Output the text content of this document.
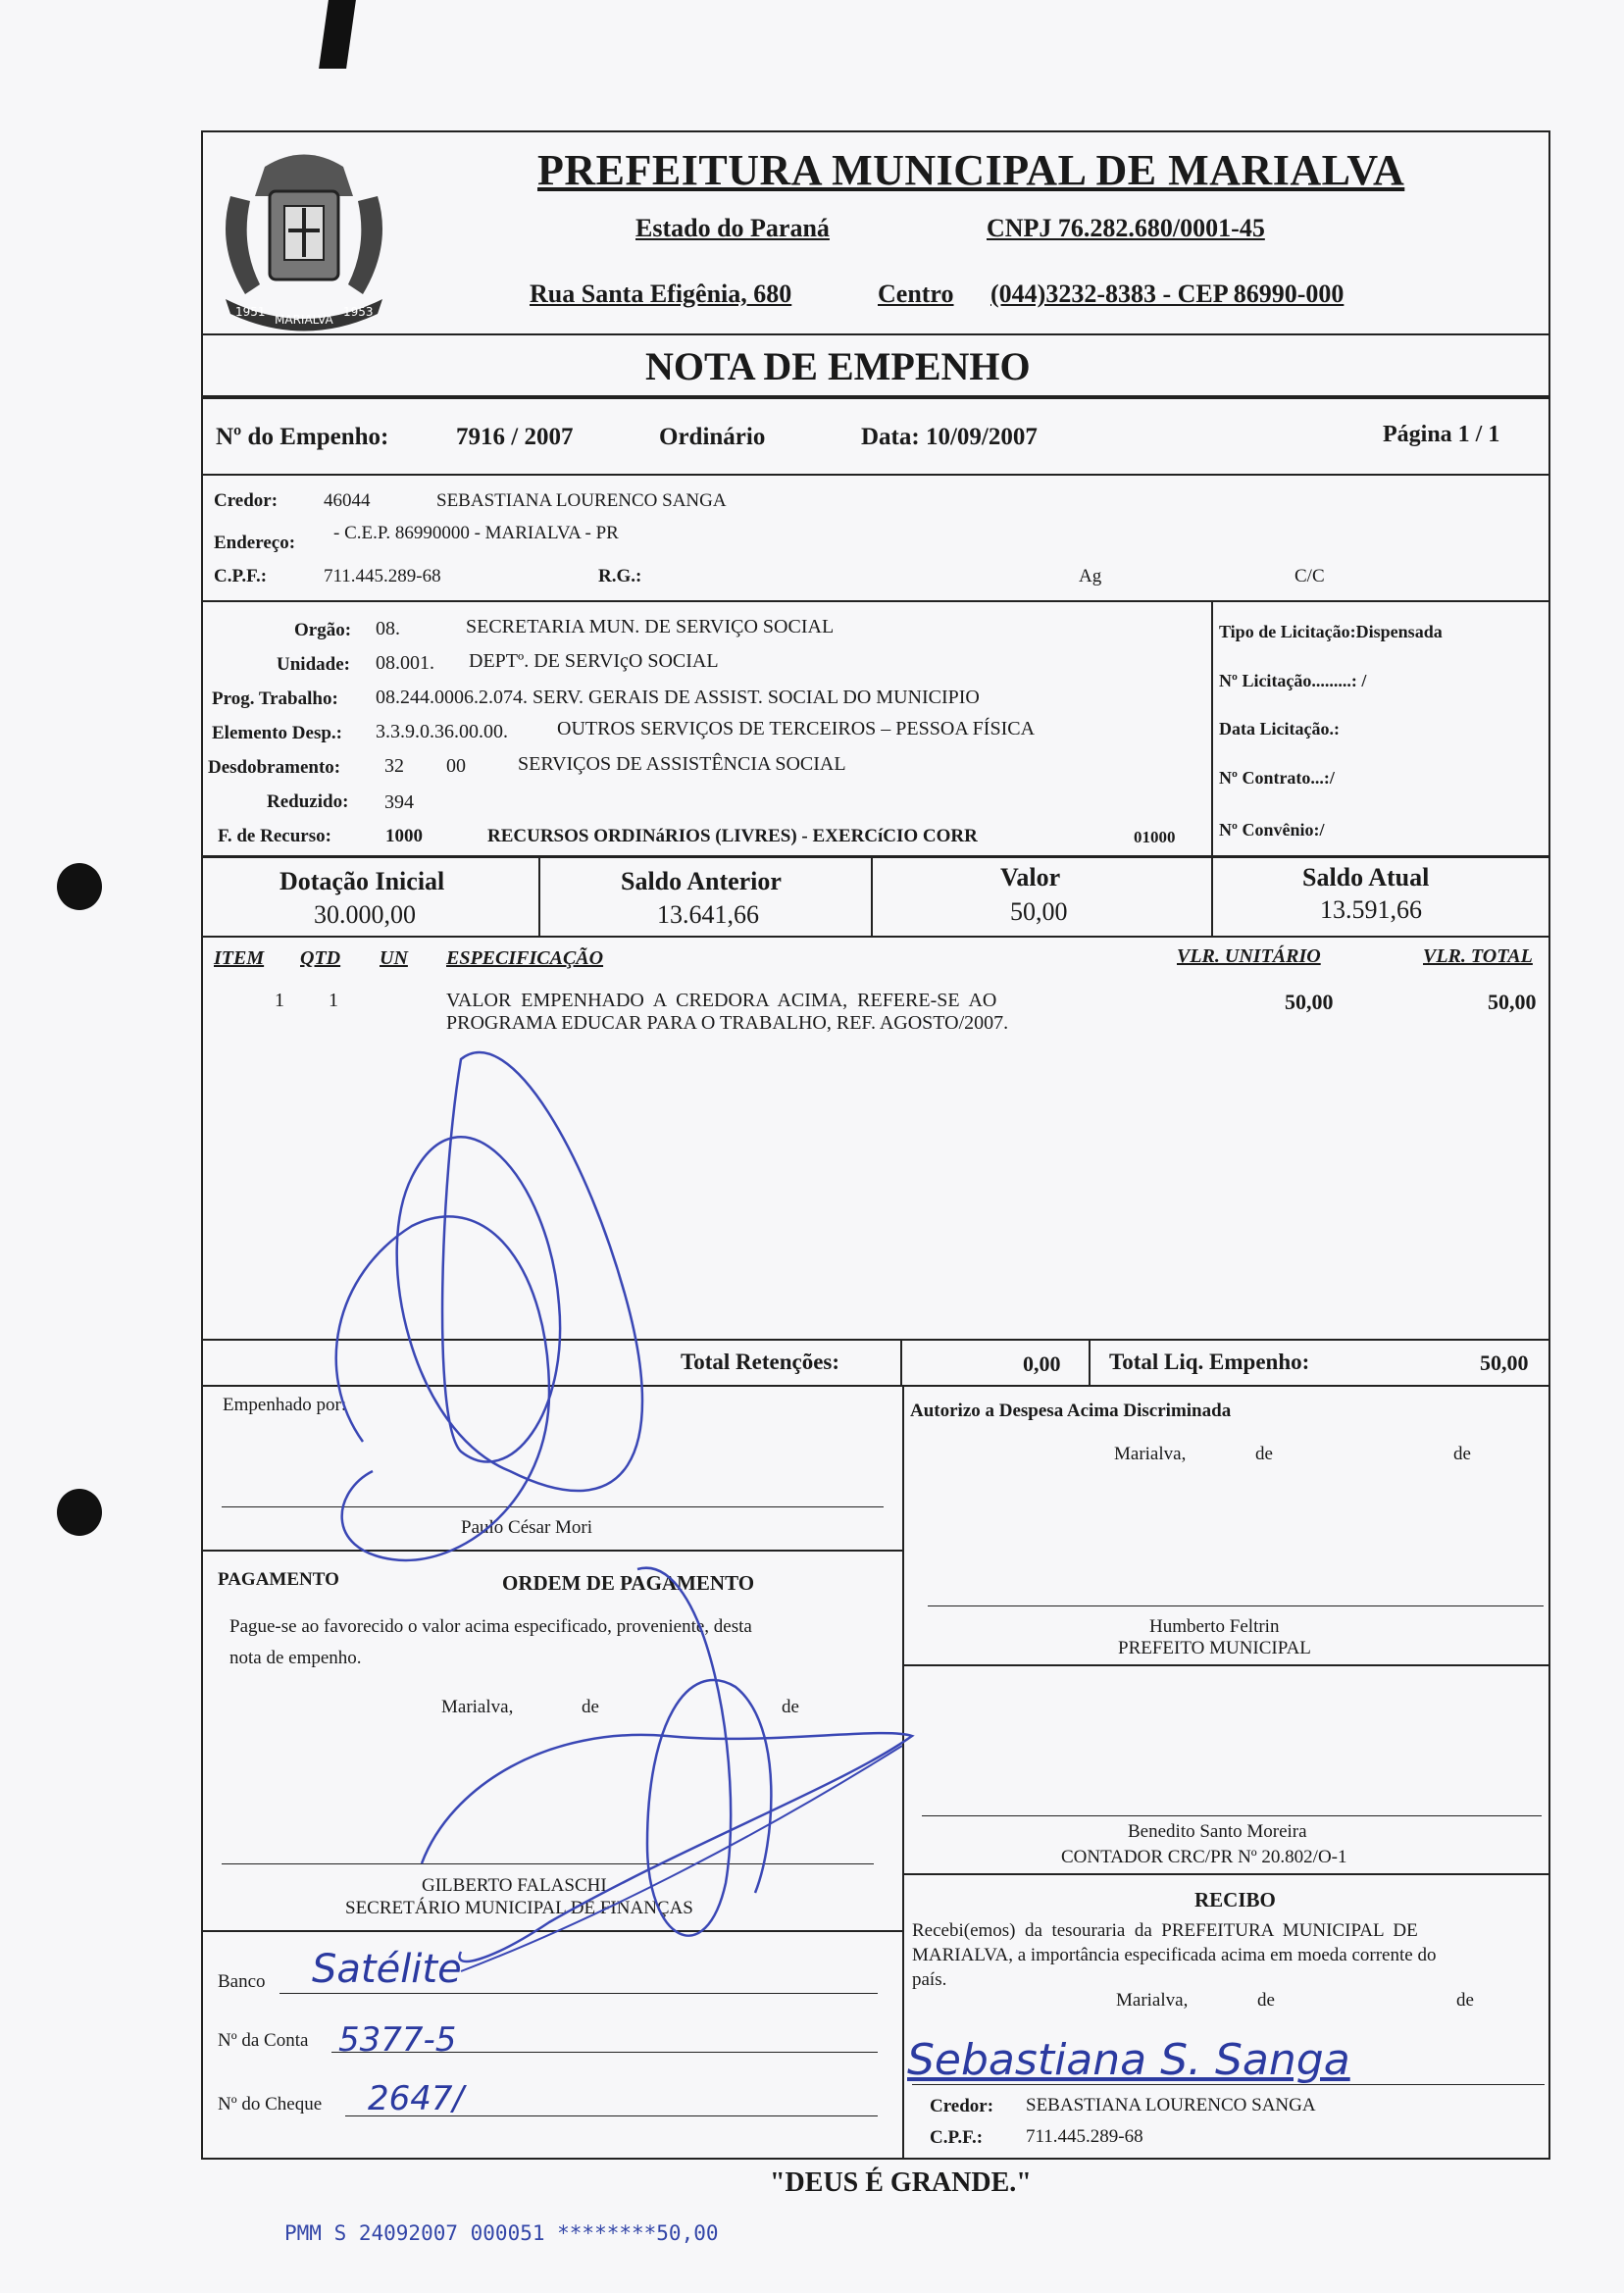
1951
MARIALVA
1953
PREFEITURA MUNICIPAL DE MARIALVA
Estado do Paraná	CNPJ 76.282.680/0001-45
Rua Santa Efigênia, 680	Centro (044)3232-8383 - CEP 86990-000
NOTA DE EMPENHO
Nº do Empenho:	7916 / 2007	Ordinário	Data: 10/09/2007	Página 1 / 1
Credor: 46044	SEBASTIANA LOURENCO SANGA
Endereço: - C.E.P. 86990000 - MARIALVA - PR
C.P.F.:	711.445.289-68	R.G.:	Ag	C/C
Orgão: 08.	SECRETARIA MUN. DE SERVIÇO SOCIAL
Unidade: 08.001. DEPTº. DE SERVIçO SOCIAL
Prog. Trabalho: 08.244.0006.2.074. SERV. GERAIS DE ASSIST. SOCIAL DO MUNICIPIO
Elemento Desp.: 3.3.9.0.36.00.00.	OUTROS SERVIÇOS DE TERCEIROS – PESSOA FÍSICA
Desdobramento: 32 00	SERVIÇOS DE ASSISTÊNCIA SOCIAL
Reduzido: 394
F. de Recurso:	1000	RECURSOS ORDINáRIOS (LIVRES) - EXERCíCIO CORR	01000
Tipo de Licitação:Dispensada
Nº Licitação.........: /
Data Licitação.:
Nº Contrato...:/
Nº Convênio:/
Dotação Inicial
30.000,00
Saldo Anterior
13.641,66
Valor
50,00
Saldo Atual
13.591,66
ITEM QTD UN ESPECIFICAÇÃO	VLR. UNITÁRIO	VLR. TOTAL
1 1	VALOR  EMPENHADO  A  CREDORA  ACIMA,  REFERE-SE  AO
PROGRAMA EDUCAR PARA O TRABALHO, REF. AGOSTO/2007.
50,00	50,00
Total Retenções:	0,00 Total Liq. Empenho:	50,00
Empenhado por:
Paulo César Mori
Autorizo a Despesa Acima Discriminada
Marialva,	de	de
Humberto Feltrin
PREFEITO MUNICIPAL
PAGAMENTO	ORDEM DE PAGAMENTO
Pague-se ao favorecido o valor acima especificado, proveniente, desta
nota de empenho.
Marialva,	de	de
GILBERTO FALASCHI
SECRETÁRIO MUNICIPAL DE FINANÇAS
Benedito Santo Moreira
CONTADOR CRC/PR Nº 20.802/O-1
RECIBO
Recebi(emos)  da  tesouraria  da  PREFEITURA  MUNICIPAL  DE
MARIALVA, a importância especificada acima em moeda corrente do
país.
Marialva,	de	de
Sebastiana S. Sanga
Credor: SEBASTIANA LOURENCO SANGA
C.P.F.: 711.445.289-68
Banco Satélite
Nº da Conta 5377-5
Nº do Cheque 2647/
"DEUS É GRANDE."
PMM S 24092007 000051 ********50,00
